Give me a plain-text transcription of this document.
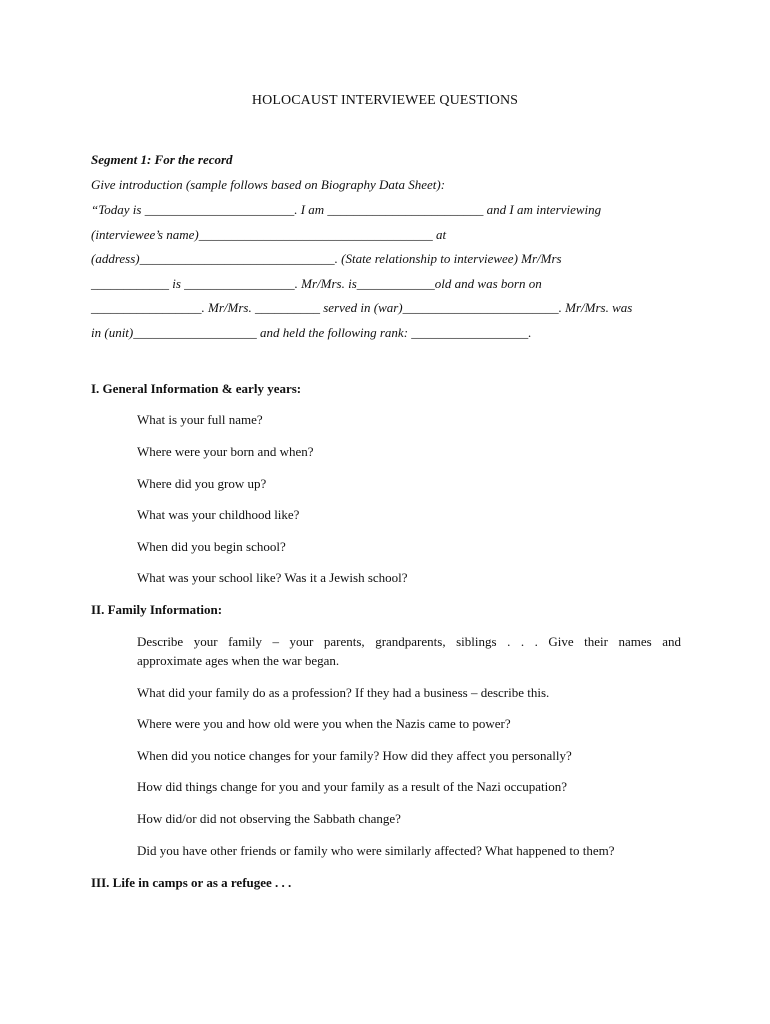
HOLOCAUST INTERVIEWEE QUESTIONS
Segment 1: For the record
Give introduction (sample follows based on Biography Data Sheet):
“Today is _______________________. I am ________________________ and I am interviewing
(interviewee’s name)____________________________________ at
(address)______________________________. (State relationship to interviewee) Mr/Mrs
____________ is _________________. Mr/Mrs. is____________old and was born on
_________________. Mr/Mrs. __________ served in (war)________________________. Mr/Mrs. was
in (unit)___________________ and held the following rank: __________________.
I. General Information & early years:
What is your full name?
Where were your born and when?
Where did you grow up?
What was your childhood like?
When did you begin school?
What was your school like? Was it a Jewish school?
II. Family Information:
Describe your family – your parents, grandparents, siblings . . . Give their names and
approximate ages when the war began.
What did your family do as a profession? If they had a business – describe this.
Where were you and how old were you when the Nazis came to power?
When did you notice changes for your family? How did they affect you personally?
How did things change for you and your family as a result of the Nazi occupation?
How did/or did not observing the Sabbath change?
Did you have other friends or family who were similarly affected? What happened to them?
III. Life in camps or as a refugee . . .
